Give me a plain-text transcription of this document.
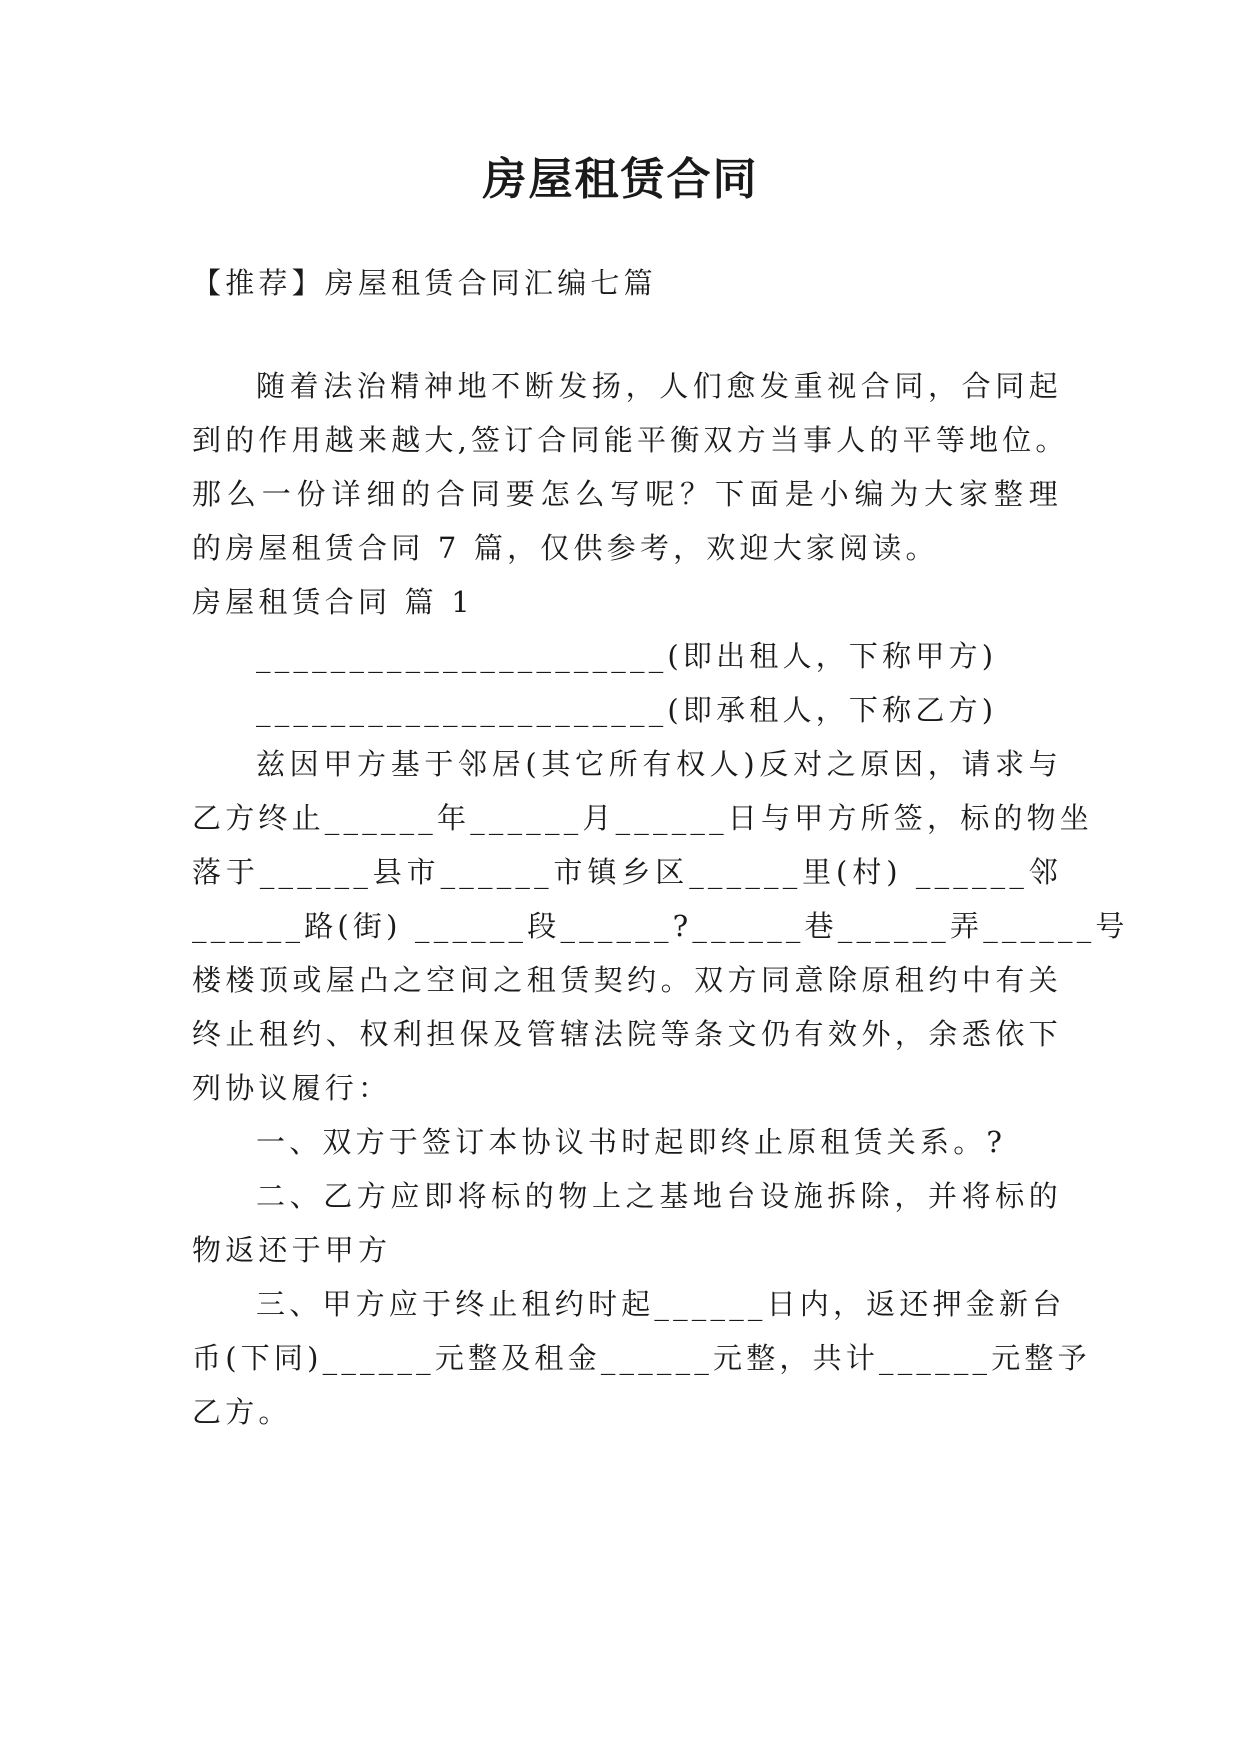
房屋租赁合同

【推荐】房屋租赁合同汇编七篇

随着法治精神地不断发扬，人们愈发重视合同，合同起

到的作用越来越大,签订合同能平衡双方当事人的平等地位。

那么一份详细的合同要怎么写呢？下面是小编为大家整理

的房屋租赁合同 7 篇，仅供参考，欢迎大家阅读。

房屋租赁合同 篇 1

______________________(即出租人，下称甲方)

______________________(即承租人，下称乙方)

兹因甲方基于邻居(其它所有权人)反对之原因，请求与

乙方终止______年______月______日与甲方所签，标的物坐

落于______县市______市镇乡区______里(村) ______邻

______路(街) ______段______?______巷______弄______号

楼楼顶或屋凸之空间之租赁契约。双方同意除原租约中有关

终止租约、权利担保及管辖法院等条文仍有效外，余悉依下

列协议履行：

一、双方于签订本协议书时起即终止原租赁关系。?

二、乙方应即将标的物上之基地台设施拆除，并将标的

物返还于甲方

三、甲方应于终止租约时起______日内，返还押金新台

币(下同)______元整及租金______元整，共计______元整予

乙方。
